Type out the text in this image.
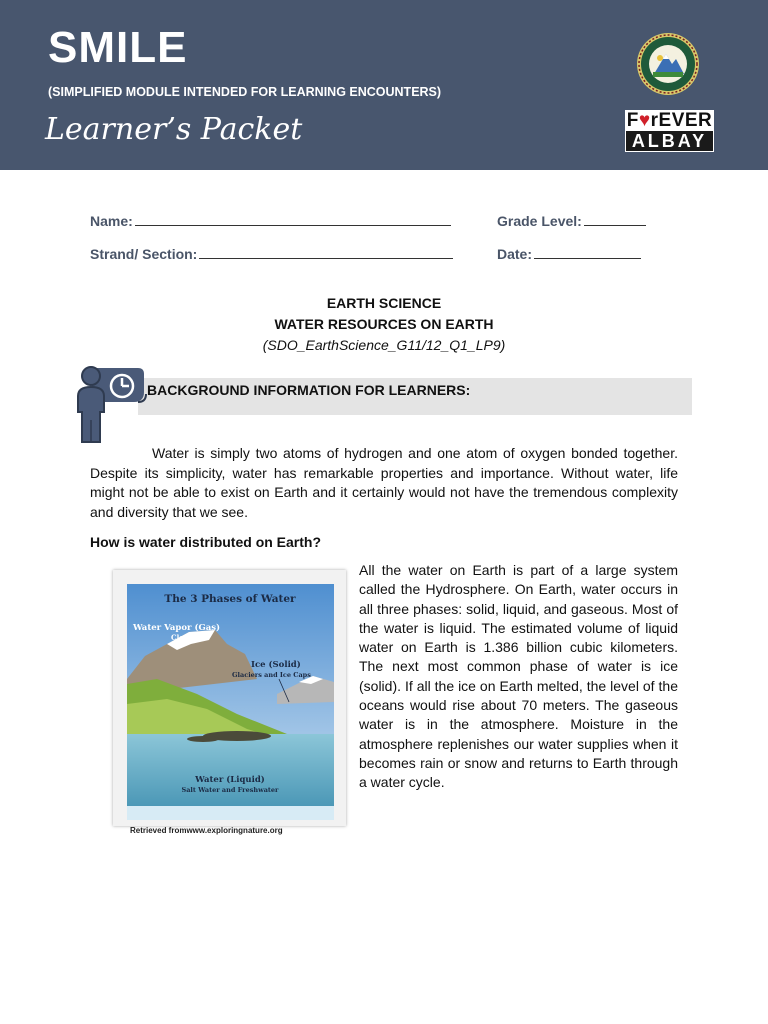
SMILE
(SIMPLIFIED MODULE INTENDED FOR LEARNING ENCOUNTERS)
Learner’s Packet	F♥rEVER
ALBAY
Name:	Grade Level:
Strand/ Section:	Date:
EARTH SCIENCE
WATER RESOURCES ON EARTH
(SDO_EarthScience_G11/12_Q1_LP9)
BACKGROUND INFORMATION FOR LEARNERS:
Water is simply two atoms of hydrogen and one atom of oxygen bonded together. Despite its simplicity, water has remarkable properties and importance. Without water, life might not be able to exist on Earth and it certainly would not have the tremendous complexity and diversity that we see.
How is water distributed on Earth?
The 3 Phases of Water
Water Vapor (Gas)
Clouds
Ice (Solid)
Glaciers and Ice Caps
Water (Liquid)
Salt Water and Freshwater
Retrieved fromwww.exploringnature.org
All the water on Earth is part of a large system called the Hydrosphere. On Earth, water occurs in all three phases: solid, liquid, and gaseous. Most of the water is liquid. The estimated volume of liquid water on Earth is 1.386 billion cubic kilometers. The next most common phase of water is ice (solid). If all the ice on Earth melted, the level of the oceans would rise about 70 meters. The gaseous water is in the atmosphere. Moisture in the atmosphere replenishes our water supplies when it becomes rain or snow and returns to Earth through a water cycle.
